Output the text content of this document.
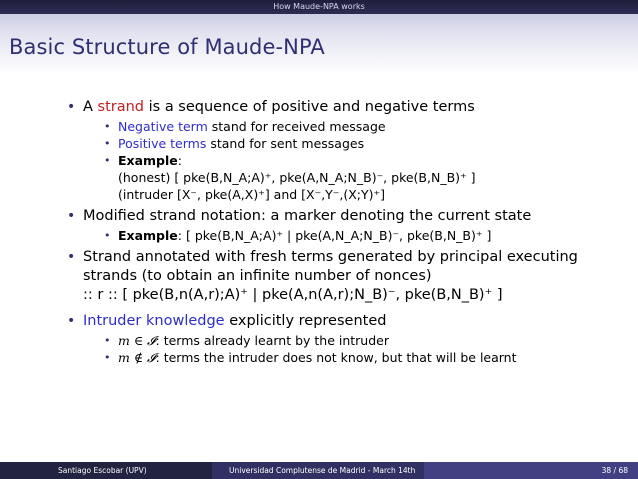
How Maude-NPA works
Basic Structure of Maude-NPA
• A strand is a sequence of positive and negative terms
• Negative term stand for received message
• Positive terms stand for sent messages
• Example:
(honest) [ pke(B,N_A;A)⁺, pke(A,N_A;N_B)⁻, pke(B,N_B)⁺ ]
(intruder [X⁻, pke(A,X)⁺] and [X⁻,Y⁻,(X;Y)⁺]
• Modified strand notation: a marker denoting the current state
• Example: [ pke(B,N_A;A)⁺ | pke(A,N_A;N_B)⁻, pke(B,N_B)⁺ ]
• Strand annotated with fresh terms generated by principal executing
strands (to obtain an infinite number of nonces)
:: r :: [ pke(B,n(A,r);A)⁺ | pke(A,n(A,r);N_B)⁻, pke(B,N_B)⁺ ]
• Intruder knowledge explicitly represented
• m ∈ 𝓘: terms already learnt by the intruder
• m ∉ 𝓘: terms the intruder does not know, but that will be learnt
Santiago Escobar (UPV)	Universidad Complutense de Madrid - March 14th	38 / 68
